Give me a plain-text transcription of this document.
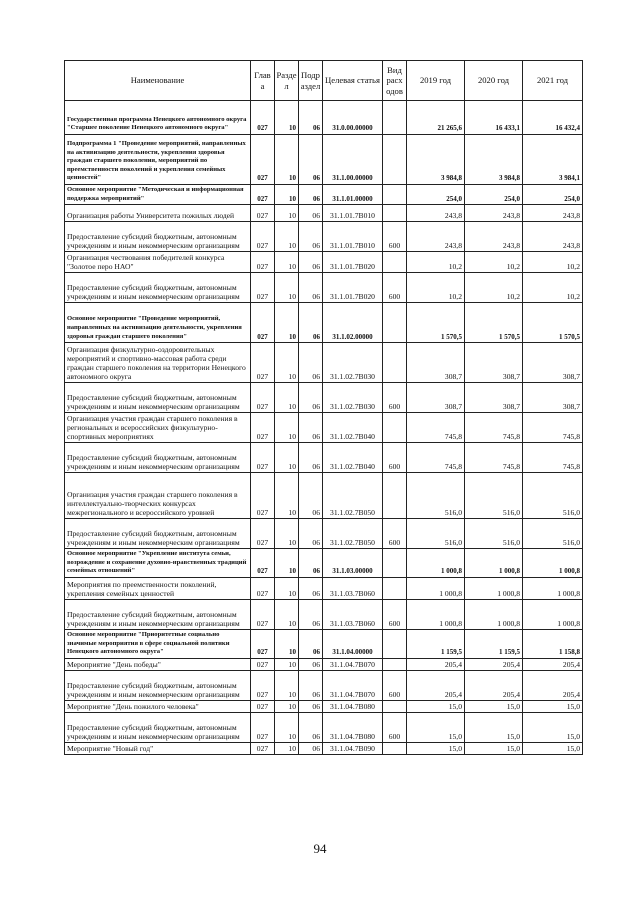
Наименование	Глав а	Разде л	Подр аздел	Целевая статья	Вид расх одов	2019 год	2020 год	2021 год
Государственная программа Ненецкого автономного округа "Старшее поколение Ненецкого автономного округа"	027	10	06	31.0.00.00000		21 265,6	16 433,1	16 432,4
Подпрограмма 1 "Проведение мероприятий, направленных на активизацию деятельности, укрепления здоровья граждан старшего поколения, мероприятий по преемственности поколений и укрепления семейных ценностей"	027	10	06	31.1.00.00000		3 984,8	3 984,8	3 984,1
Основное мероприятие "Методическая и информационная поддержка мероприятий"	027	10	06	31.1.01.00000		254,0	254,0	254,0
Организация работы Университета пожилых людей	027	10	06	31.1.01.7В010		243,8	243,8	243,8
Предоставление субсидий бюджетным, автономным учреждениям и иным некоммерческим организациям	027	10	06	31.1.01.7В010	600	243,8	243,8	243,8
Организация чествования победителей конкурса "Золотое перо НАО"	027	10	06	31.1.01.7В020		10,2	10,2	10,2
Предоставление субсидий бюджетным, автономным учреждениям и иным некоммерческим организациям	027	10	06	31.1.01.7В020	600	10,2	10,2	10,2
Основное мероприятие "Проведение мероприятий, направленных на активизацию деятельности, укрепления здоровья граждан старшего поколения"	027	10	06	31.1.02.00000		1 570,5	1 570,5	1 570,5
Организация физкультурно-оздоровительных мероприятий и спортивно-массовая работа среди граждан старшего поколения на территории Ненецкого автономного округа	027	10	06	31.1.02.7В030		308,7	308,7	308,7
Предоставление субсидий бюджетным, автономным учреждениям и иным некоммерческим организациям	027	10	06	31.1.02.7В030	600	308,7	308,7	308,7
Организация участия граждан старшего поколения в региональных и всероссийских физкультурно-спортивных мероприятиях	027	10	06	31.1.02.7В040		745,8	745,8	745,8
Предоставление субсидий бюджетным, автономным учреждениям и иным некоммерческим организациям	027	10	06	31.1.02.7В040	600	745,8	745,8	745,8
Организация участия граждан старшего поколения в интеллектуально-творческих конкурсах межрегионального и всероссийского уровней	027	10	06	31.1.02.7В050		516,0	516,0	516,0
Предоставление субсидий бюджетным, автономным учреждениям и иным некоммерческим организациям	027	10	06	31.1.02.7В050	600	516,0	516,0	516,0
Основное мероприятие "Укрепление института семьи, возрождение и сохранение духовно-нравственных традиций семейных отношений"	027	10	06	31.1.03.00000		1 000,8	1 000,8	1 000,8
Мероприятия по преемственности поколений, укрепления семейных ценностей	027	10	06	31.1.03.7В060		1 000,8	1 000,8	1 000,8
Предоставление субсидий бюджетным, автономным учреждениям и иным некоммерческим организациям	027	10	06	31.1.03.7В060	600	1 000,8	1 000,8	1 000,8
Основное мероприятие "Приоритетные социально значимые мероприятия в сфере социальной политики Ненецкого автономного округа"	027	10	06	31.1.04.00000		1 159,5	1 159,5	1 158,8
Мероприятие "День победы"	027	10	06	31.1.04.7В070		205,4	205,4	205,4
Предоставление субсидий бюджетным, автономным учреждениям и иным некоммерческим организациям	027	10	06	31.1.04.7В070	600	205,4	205,4	205,4
Мероприятие "День пожилого человека"	027	10	06	31.1.04.7В080		15,0	15,0	15,0
Предоставление субсидий бюджетным, автономным учреждениям и иным некоммерческим организациям	027	10	06	31.1.04.7В080	600	15,0	15,0	15,0
Мероприятие "Новый год"	027	10	06	31.1.04.7В090		15,0	15,0	15,0
94
